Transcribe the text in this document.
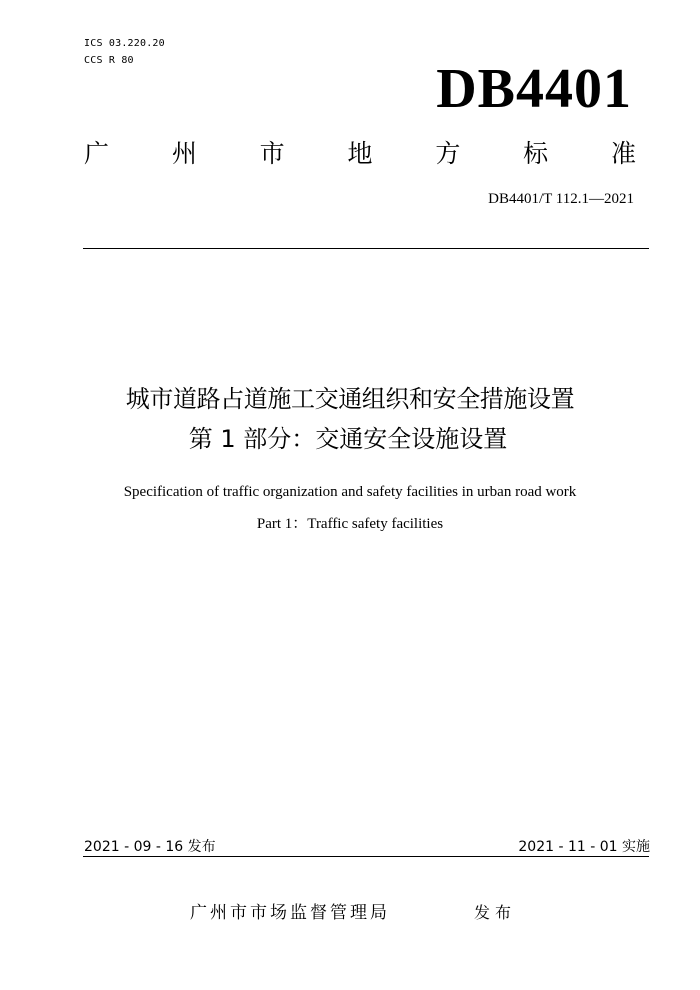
ICS 03.220.20
CCS R 80	DB4401
广	州	市	地	方	标	准
DB4401/T 112.1—2021
城市道路占道施工交通组织和安全措施设置
第 1 部分：交通安全设施设置
Specification of traffic organization and safety facilities in urban road work
Part 1：Traffic safety facilities
2021 - 09 - 16 发布	2021 - 11 - 01 实施
广州市市场监督管理局	发布
